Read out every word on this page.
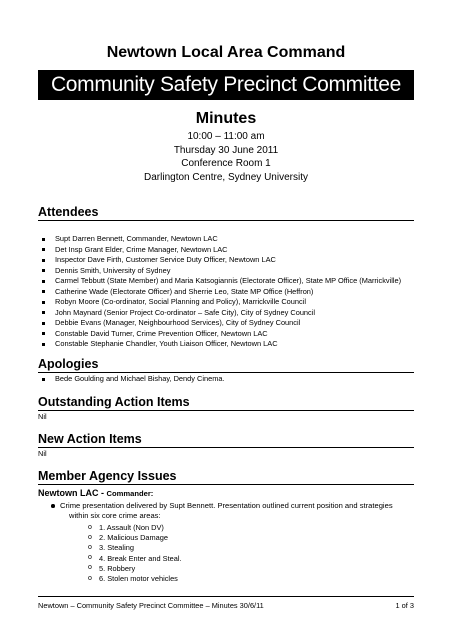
Newtown Local Area Command
Community Safety Precinct Committee
Minutes
10:00 – 11:00 am
Thursday 30 June 2011
Conference Room 1
Darlington Centre, Sydney University
Attendees
Supt Darren Bennett, Commander, Newtown LAC
Det Insp Grant Elder, Crime Manager, Newtown LAC
Inspector Dave Firth, Customer Service Duty Officer, Newtown LAC
Dennis Smith, University of Sydney
Carmel Tebbutt (State Member) and Maria Katsogiannis (Electorate Officer), State MP Office (Marrickville)
Catherine Wade (Electorate Officer) and Sherrie Leo, State MP Office (Heffron)
Robyn Moore (Co-ordinator, Social Planning and Policy), Marrickville Council
John Maynard (Senior Project Co-ordinator – Safe City), City of Sydney Council
Debbie Evans (Manager, Neighbourhood Services), City of Sydney Council
Constable David Turner, Crime Prevention Officer, Newtown LAC
Constable Stephanie Chandler, Youth Liaison Officer, Newtown LAC
Apologies
Bede Goulding and Michael Bishay, Dendy Cinema.
Outstanding Action Items
Nil
New Action Items
Nil
Member Agency Issues
Newtown LAC - Commander:
Crime presentation delivered by Supt Bennett. Presentation outlined current position and strategies
within six core crime areas:
o 1. Assault (Non DV)
o 2. Malicious Damage
o 3. Stealing
o 4. Break Enter and Steal.
o 5. Robbery
o 6. Stolen motor vehicles
Newtown – Community Safety Precinct Committee – Minutes 30/6/11	1 of 3
